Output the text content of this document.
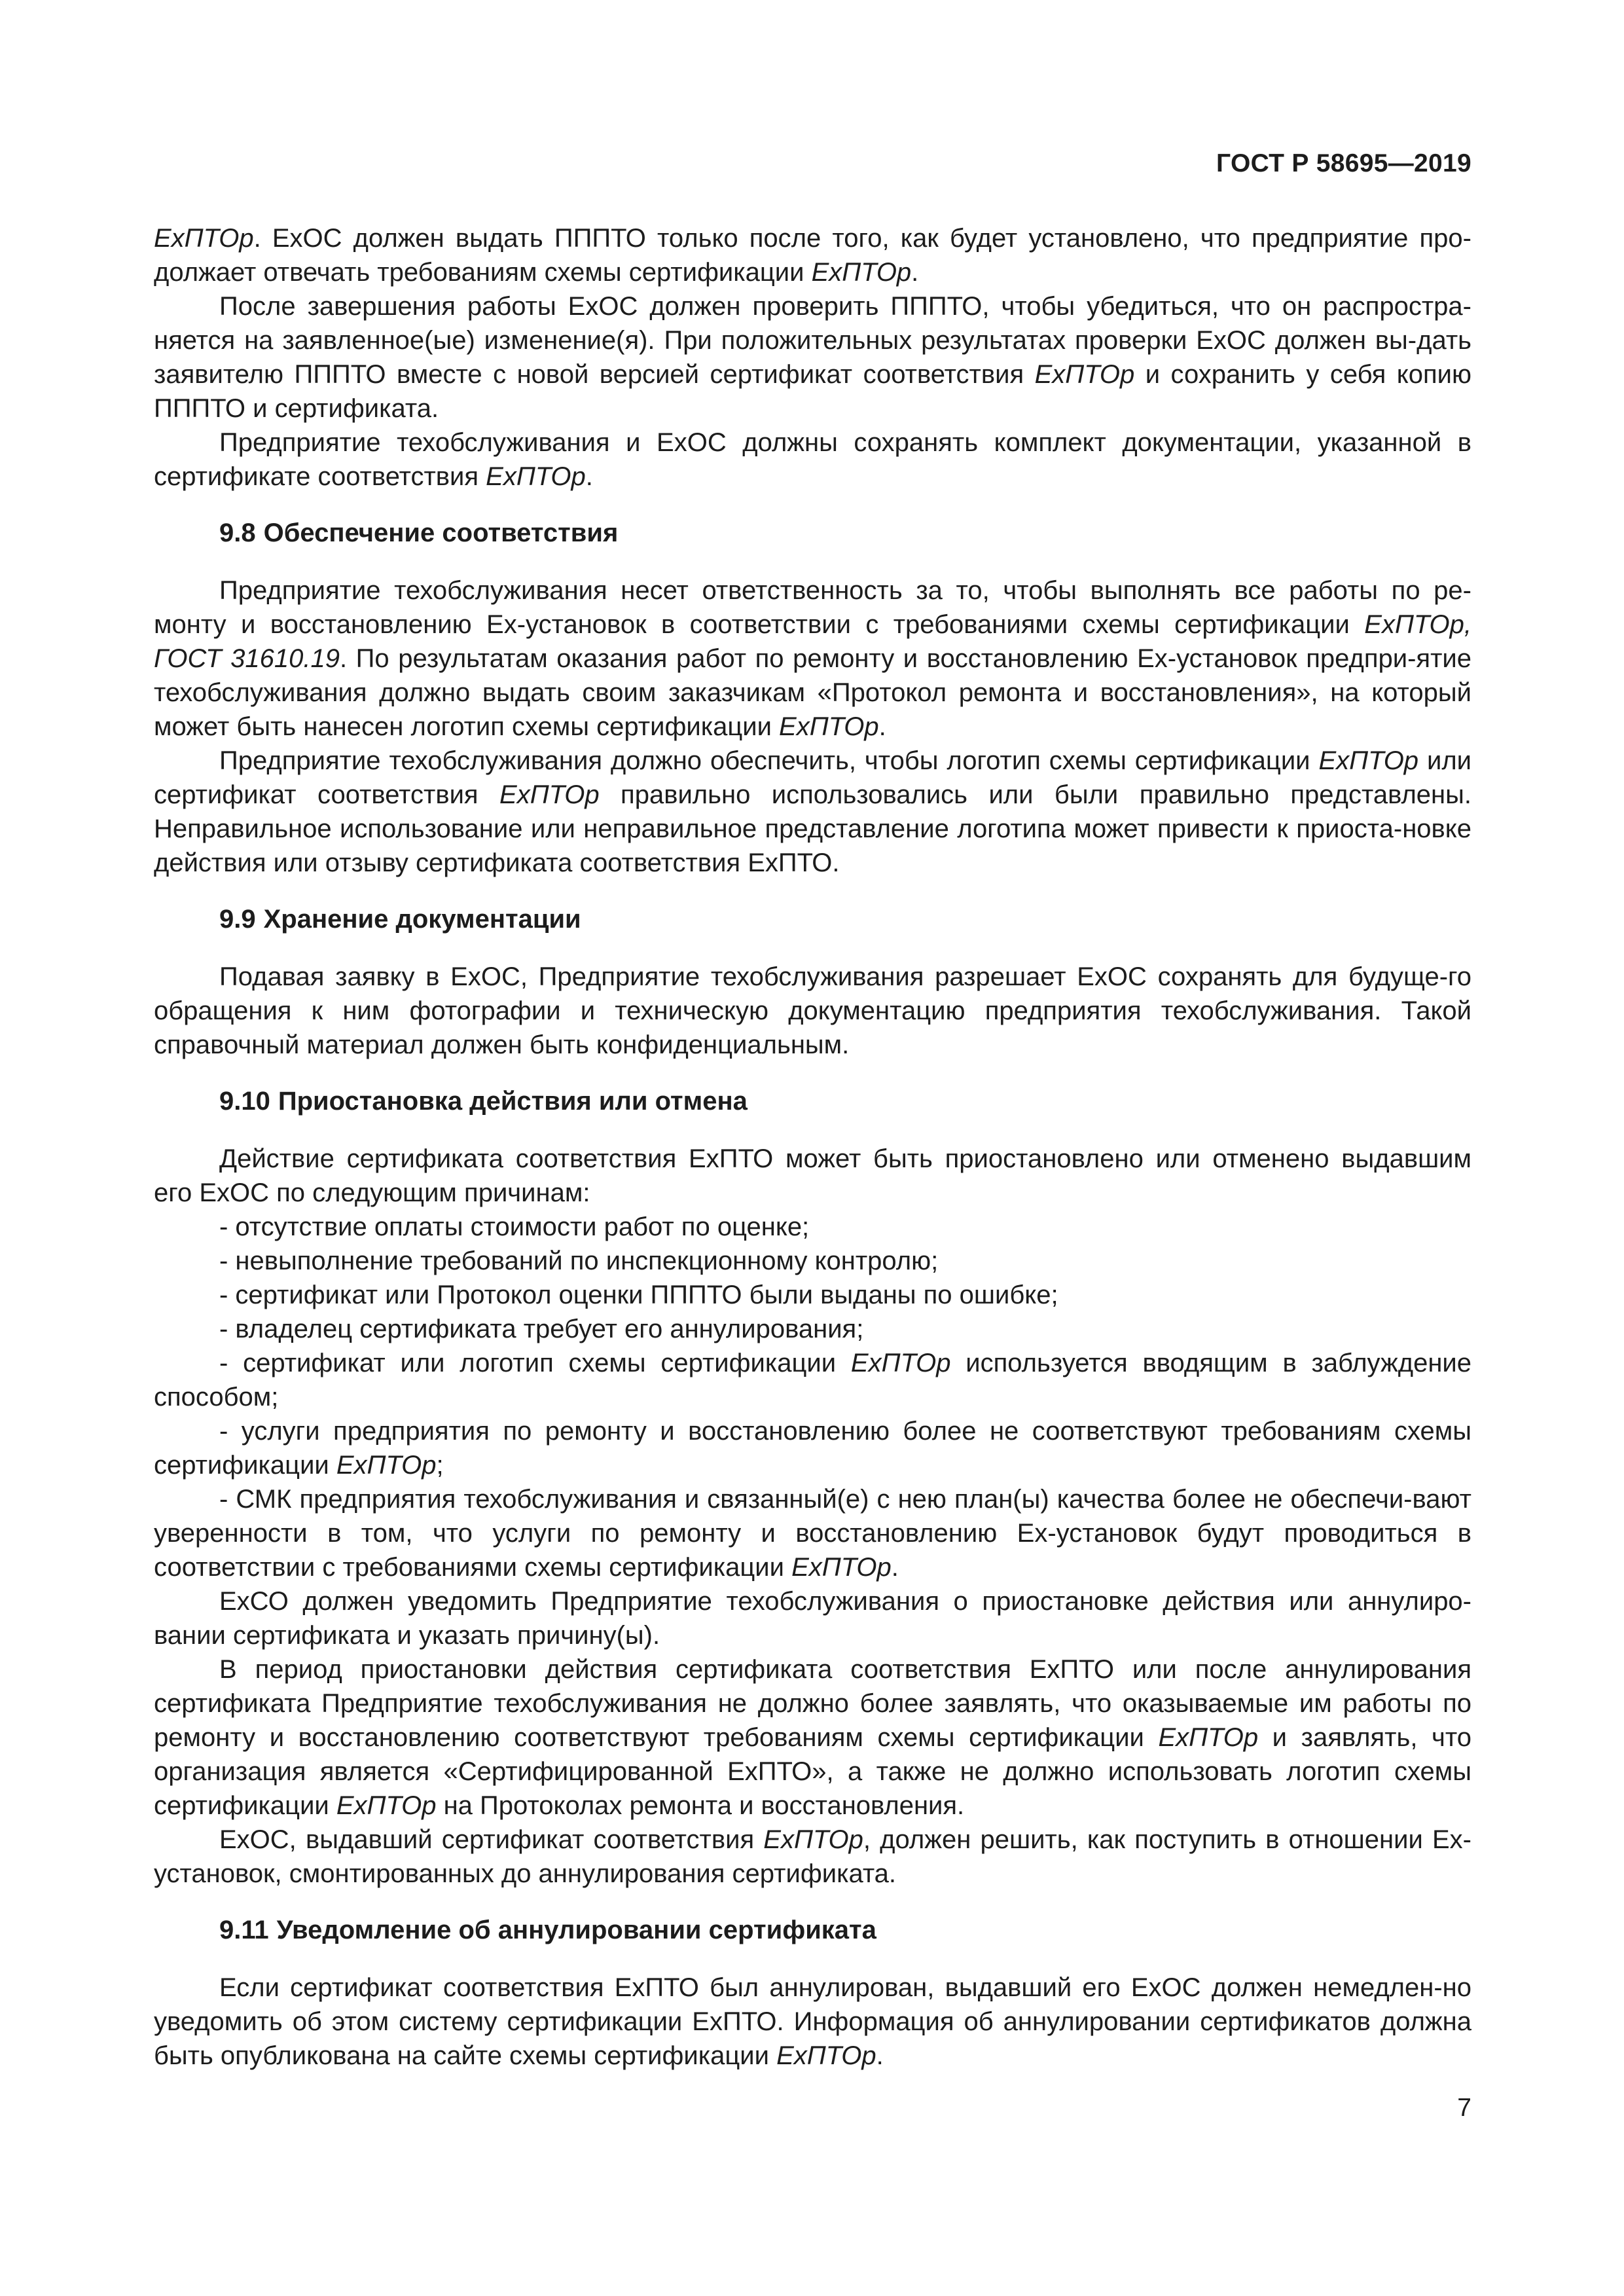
ГОСТ Р 58695—2019

ЕхПТОр. ЕхОС должен выдать ПППТО только после того, как будет установлено, что предприятие про-должает отвечать требованиям схемы сертификации ЕхПТОр.

После завершения работы ЕхОС должен проверить ПППТО, чтобы убедиться, что он распростра-няется на заявленное(ые) изменение(я). При положительных результатах проверки ЕхОС должен вы-дать заявителю ПППТО вместе с новой версией сертификат соответствия ЕхПТОр и сохранить у себя копию ПППТО и сертификата.

Предприятие техобслуживания и ЕхОС должны сохранять комплект документации, указанной в сертификате соответствия ЕхПТОр.

9.8 Обеспечение соответствия

Предприятие техобслуживания несет ответственность за то, чтобы выполнять все работы по ре-монту и восстановлению Ех-установок в соответствии с требованиями схемы сертификации ЕхПТОр, ГОСТ 31610.19. По результатам оказания работ по ремонту и восстановлению Ех-установок предпри-ятие техобслуживания должно выдать своим заказчикам «Протокол ремонта и восстановления», на который может быть нанесен логотип схемы сертификации ЕхПТОр.

Предприятие техобслуживания должно обеспечить, чтобы логотип схемы сертификации ЕхПТОр или сертификат соответствия ЕхПТОр правильно использовались или были правильно представлены. Неправильное использование или неправильное представление логотипа может привести к приоста-новке действия или отзыву сертификата соответствия ЕхПТО.

9.9 Хранение документации

Подавая заявку в ЕхОС, Предприятие техобслуживания разрешает ЕхОС сохранять для будуще-го обращения к ним фотографии и техническую документацию предприятия техобслуживания. Такой справочный материал должен быть конфиденциальным.

9.10 Приостановка действия или отмена

Действие сертификата соответствия ЕхПТО может быть приостановлено или отменено выдавшим его ЕхОС по следующим причинам:

- отсутствие оплаты стоимости работ по оценке;
- невыполнение требований по инспекционному контролю;
- сертификат или Протокол оценки ПППТО были выданы по ошибке;
- владелец сертификата требует его аннулирования;
- сертификат или логотип схемы сертификации ЕхПТОр используется вводящим в заблуждение способом;
- услуги предприятия по ремонту и восстановлению более не соответствуют требованиям схемы сертификации ЕхПТОр;
- СМК предприятия техобслуживания и связанный(е) с нею план(ы) качества более не обеспечи-вают уверенности в том, что услуги по ремонту и восстановлению Ех-установок будут проводиться в соответствии с требованиями схемы сертификации ЕхПТОр.

ЕхСО должен уведомить Предприятие техобслуживания о приостановке действия или аннулиро-вании сертификата и указать причину(ы).

В период приостановки действия сертификата соответствия ЕхПТО или после аннулирования сертификата Предприятие техобслуживания не должно более заявлять, что оказываемые им работы по ремонту и восстановлению соответствуют требованиям схемы сертификации ЕхПТОр и заявлять, что организация является «Сертифицированной ЕхПТО», а также не должно использовать логотип схемы сертификации ЕхПТОр на Протоколах ремонта и восстановления.

ЕхОС, выдавший сертификат соответствия ЕхПТОр, должен решить, как поступить в отношении Ех-установок, смонтированных до аннулирования сертификата.

9.11 Уведомление об аннулировании сертификата

Если сертификат соответствия ЕхПТО был аннулирован, выдавший его ЕхОС должен немедлен-но уведомить об этом систему сертификации ЕхПТО. Информация об аннулировании сертификатов должна быть опубликована на сайте схемы сертификации ЕхПТОр.

7
